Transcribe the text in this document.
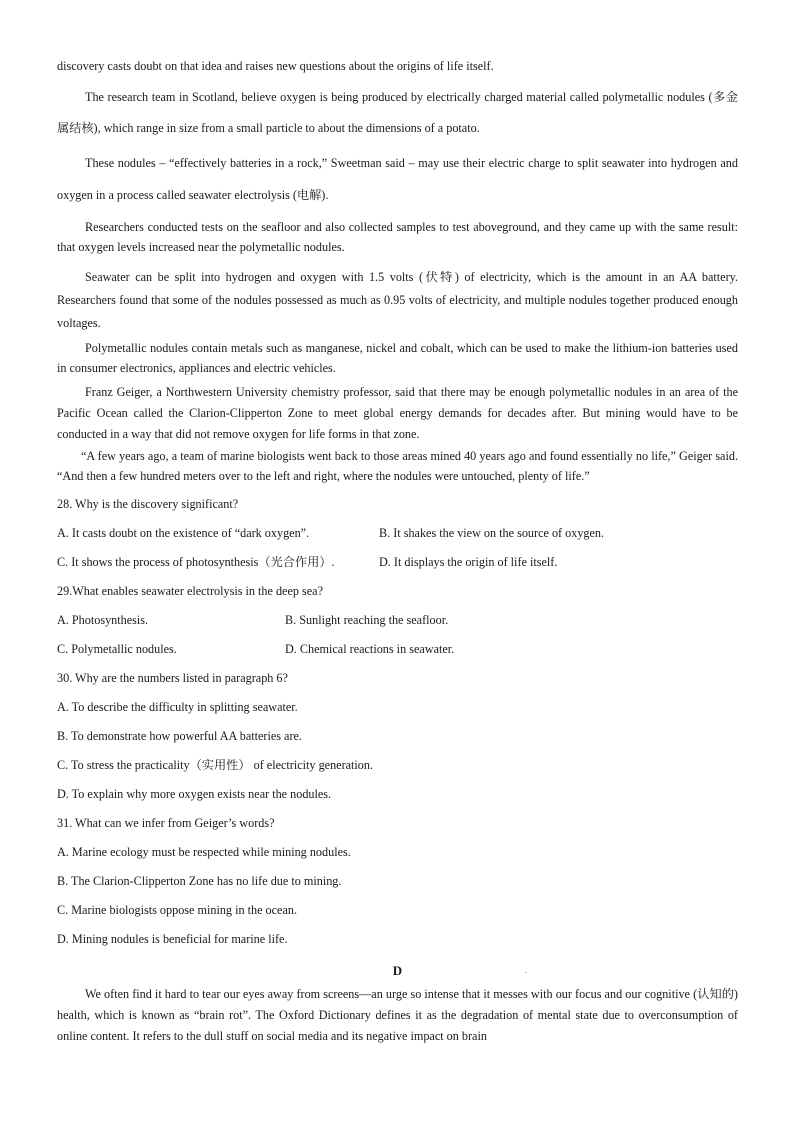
discovery casts doubt on that idea and raises new questions about the origins of life itself.

The research team in Scotland, believe oxygen is being produced by electrically charged material called polymetallic nodules (多金属结核), which range in size from a small particle to about the dimensions of a potato.

These nodules – “effectively batteries in a rock,” Sweetman said – may use their electric charge to split seawater into hydrogen and oxygen in a process called seawater electrolysis (电解).

Researchers conducted tests on the seafloor and also collected samples to test aboveground, and they came up with the same result: that oxygen levels increased near the polymetallic nodules.

Seawater can be split into hydrogen and oxygen with 1.5 volts (伏特) of electricity, which is the amount in an AA battery. Researchers found that some of the nodules possessed as much as 0.95 volts of electricity, and multiple nodules together produced enough voltages.

Polymetallic nodules contain metals such as manganese, nickel and cobalt, which can be used to make the lithium-ion batteries used in consumer electronics, appliances and electric vehicles.

Franz Geiger, a Northwestern University chemistry professor, said that there may be enough polymetallic nodules in an area of the Pacific Ocean called the Clarion-Clipperton Zone to meet global energy demands for decades after. But mining would have to be conducted in a way that did not remove oxygen for life forms in that zone.

“A few years ago, a team of marine biologists went back to those areas mined 40 years ago and found essentially no life,” Geiger said. “And then a few hundred meters over to the left and right, where the nodules were untouched, plenty of life.”

28. Why is the discovery significant?

A. It casts doubt on the existence of “dark oxygen”.	B. It shakes the view on the source of oxygen.
C. It shows the process of photosynthesis（光合作用）.	D. It displays the origin of life itself.

29.What enables seawater electrolysis in the deep sea?

A. Photosynthesis.	B. Sunlight reaching the seafloor.
C. Polymetallic nodules.	D. Chemical reactions in seawater.

30. Why are the numbers listed in paragraph 6?

A. To describe the difficulty in splitting seawater.

B. To demonstrate how powerful AA batteries are.

C. To stress the practicality（实用性） of electricity generation.

D. To explain why more oxygen exists near the nodules.

31. What can we infer from Geiger’s words?

A. Marine ecology must be respected while mining nodules.

B. The Clarion-Clipperton Zone has no life due to mining.

C. Marine biologists oppose mining in the ocean.

D. Mining nodules is beneficial for marine life.

D

We often find it hard to tear our eyes away from screens—an urge so intense that it messes with our focus and our cognitive (认知的) health, which is known as “brain rot”. The Oxford Dictionary defines it as the degradation of mental state due to overconsumption of online content. It refers to the dull stuff on social media and its negative impact on brain

.
